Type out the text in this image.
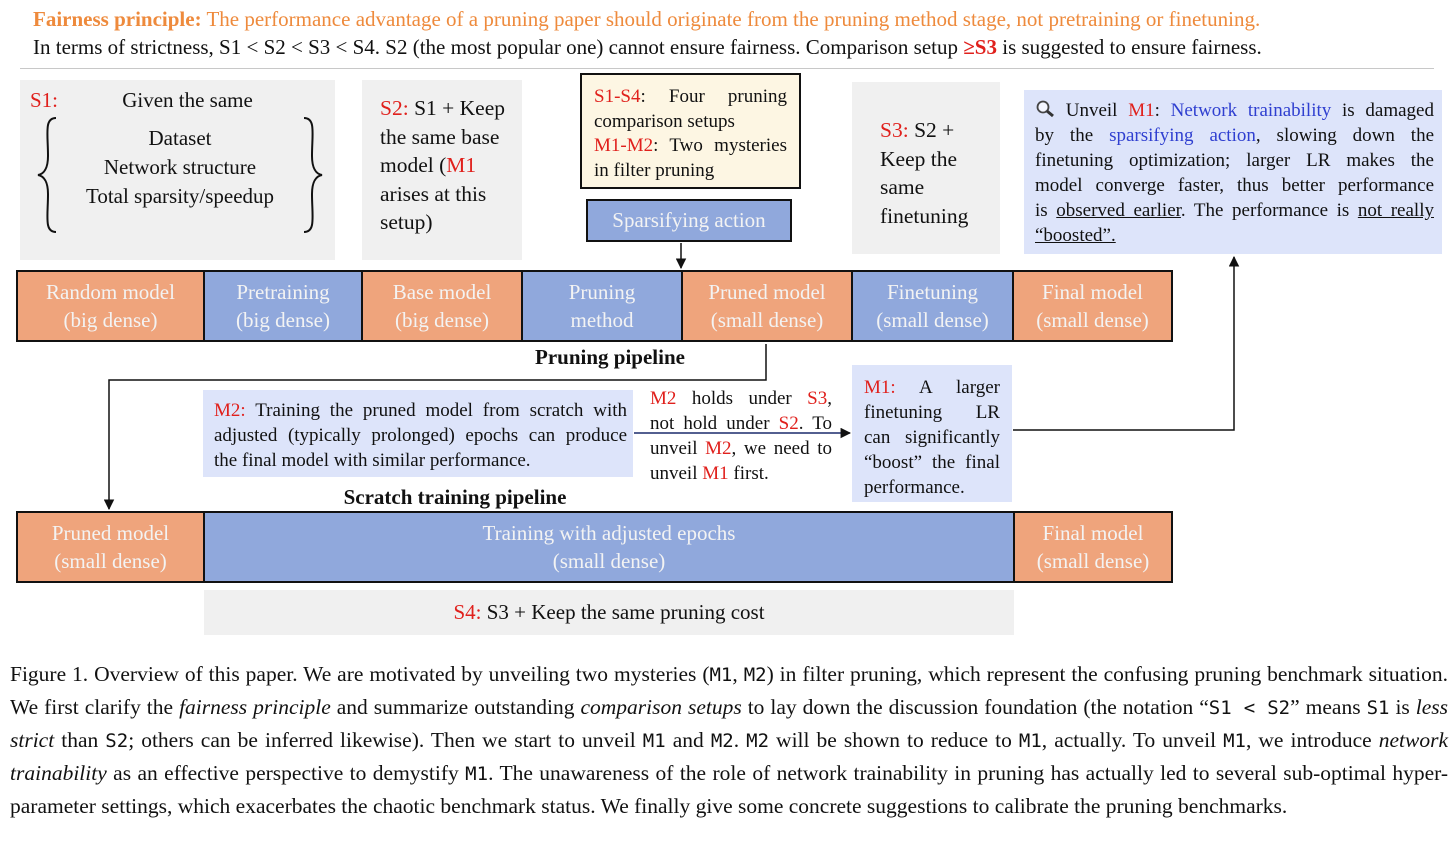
Fairness principle: The performance advantage of a pruning paper should originate from the pruning method stage, not pretraining or finetuning.
In terms of strictness, S1 < S2 < S3 < S4. S2 (the most popular one) cannot ensure fairness. Comparison setup ≥S3 is suggested to ensure fairness.
S1:	Given the same
Dataset
Network structure
Total sparsity/speedup
S2: S1 + Keep
the same base
model (M1
arises at this
setup)
S1-S4: Four pruning
comparison setups
M1-M2: Two mysteries
in filter pruning
Sparsifying action
S3: S2 +
Keep the
same
finetuning
Unveil M1: Network trainability is damaged
by the sparsifying action, slowing down the
finetuning optimization; larger LR makes the
model converge faster, thus better performance
is observed earlier. The performance is not really
“boosted”.
Random model
(big dense)
Pretraining
(big dense)
Base model
(big dense)
Pruning
method
Pruned model
(small dense)
Finetuning
(small dense)
Final model
(small dense)
Pruning pipeline
M2: Training the pruned model from scratch with
adjusted (typically prolonged) epochs can produce
the final model with similar performance.
M2 holds under S3,
not hold under S2. To
unveil M2, we need to
unveil M1 first.
M1: A larger
finetuning LR
can significantly
“boost” the final
performance.
Scratch training pipeline
Pruned model
(small dense)
Training with adjusted epochs
(small dense)
Final model
(small dense)
S4: S3 + Keep the same pruning cost
Figure 1. Overview of this paper. We are motivated by unveiling two mysteries (M1, M2) in filter pruning, which represent the confusing pruning benchmark situation. We first clarify the fairness principle and summarize outstanding comparison setups to lay down the discussion foundation (the notation “S1 < S2” means S1 is less strict than S2; others can be inferred likewise). Then we start to unveil M1 and M2. M2 will be shown to reduce to M1, actually. To unveil M1, we introduce network trainability as an effective perspective to demystify M1. The unawareness of the role of network trainability in pruning has actually led to several sub-optimal hyper-parameter settings, which exacerbates the chaotic benchmark status. We finally give some concrete suggestions to calibrate the pruning benchmarks.
